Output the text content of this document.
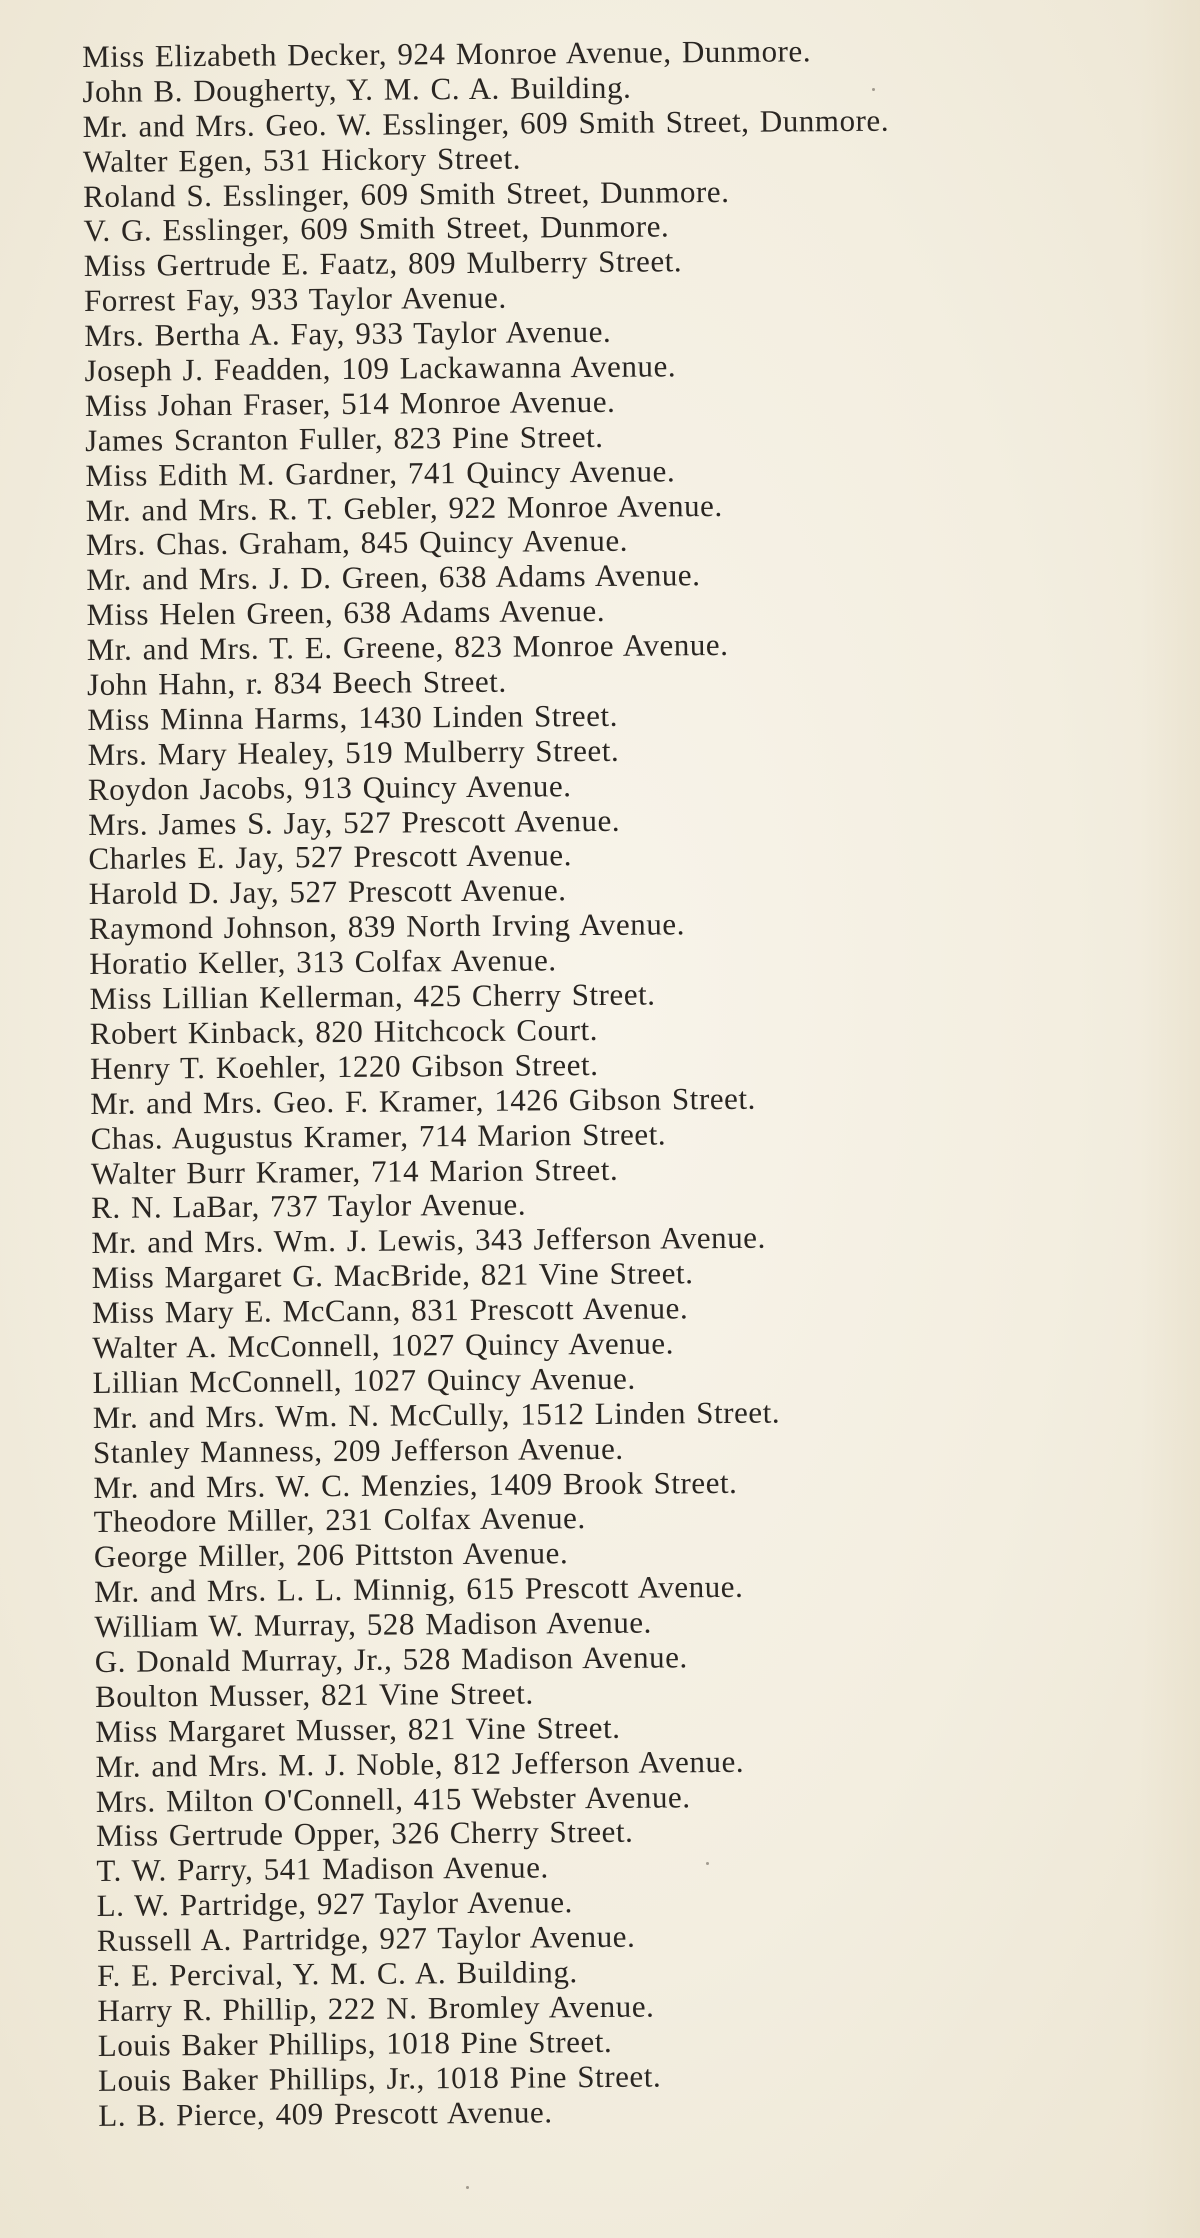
Miss Elizabeth Decker, 924 Monroe Avenue, Dunmore.
John B. Dougherty, Y. M. C. A. Building.
Mr. and Mrs. Geo. W. Esslinger, 609 Smith Street, Dunmore.
Walter Egen, 531 Hickory Street.
Roland S. Esslinger, 609 Smith Street, Dunmore.
V. G. Esslinger, 609 Smith Street, Dunmore.
Miss Gertrude E. Faatz, 809 Mulberry Street.
Forrest Fay, 933 Taylor Avenue.
Mrs. Bertha A. Fay, 933 Taylor Avenue.
Joseph J. Feadden, 109 Lackawanna Avenue.
Miss Johan Fraser, 514 Monroe Avenue.
James Scranton Fuller, 823 Pine Street.
Miss Edith M. Gardner, 741 Quincy Avenue.
Mr. and Mrs. R. T. Gebler, 922 Monroe Avenue.
Mrs. Chas. Graham, 845 Quincy Avenue.
Mr. and Mrs. J. D. Green, 638 Adams Avenue.
Miss Helen Green, 638 Adams Avenue.
Mr. and Mrs. T. E. Greene, 823 Monroe Avenue.
John Hahn, r. 834 Beech Street.
Miss Minna Harms, 1430 Linden Street.
Mrs. Mary Healey, 519 Mulberry Street.
Roydon Jacobs, 913 Quincy Avenue.
Mrs. James S. Jay, 527 Prescott Avenue.
Charles E. Jay, 527 Prescott Avenue.
Harold D. Jay, 527 Prescott Avenue.
Raymond Johnson, 839 North Irving Avenue.
Horatio Keller, 313 Colfax Avenue.
Miss Lillian Kellerman, 425 Cherry Street.
Robert Kinback, 820 Hitchcock Court.
Henry T. Koehler, 1220 Gibson Street.
Mr. and Mrs. Geo. F. Kramer, 1426 Gibson Street.
Chas. Augustus Kramer, 714 Marion Street.
Walter Burr Kramer, 714 Marion Street.
R. N. LaBar, 737 Taylor Avenue.
Mr. and Mrs. Wm. J. Lewis, 343 Jefferson Avenue.
Miss Margaret G. MacBride, 821 Vine Street.
Miss Mary E. McCann, 831 Prescott Avenue.
Walter A. McConnell, 1027 Quincy Avenue.
Lillian McConnell, 1027 Quincy Avenue.
Mr. and Mrs. Wm. N. McCully, 1512 Linden Street.
Stanley Manness, 209 Jefferson Avenue.
Mr. and Mrs. W. C. Menzies, 1409 Brook Street.
Theodore Miller, 231 Colfax Avenue.
George Miller, 206 Pittston Avenue.
Mr. and Mrs. L. L. Minnig, 615 Prescott Avenue.
William W. Murray, 528 Madison Avenue.
G. Donald Murray, Jr., 528 Madison Avenue.
Boulton Musser, 821 Vine Street.
Miss Margaret Musser, 821 Vine Street.
Mr. and Mrs. M. J. Noble, 812 Jefferson Avenue.
Mrs. Milton O'Connell, 415 Webster Avenue.
Miss Gertrude Opper, 326 Cherry Street.
T. W. Parry, 541 Madison Avenue.
L. W. Partridge, 927 Taylor Avenue.
Russell A. Partridge, 927 Taylor Avenue.
F. E. Percival, Y. M. C. A. Building.
Harry R. Phillip, 222 N. Bromley Avenue.
Louis Baker Phillips, 1018 Pine Street.
Louis Baker Phillips, Jr., 1018 Pine Street.
L. B. Pierce, 409 Prescott Avenue.
